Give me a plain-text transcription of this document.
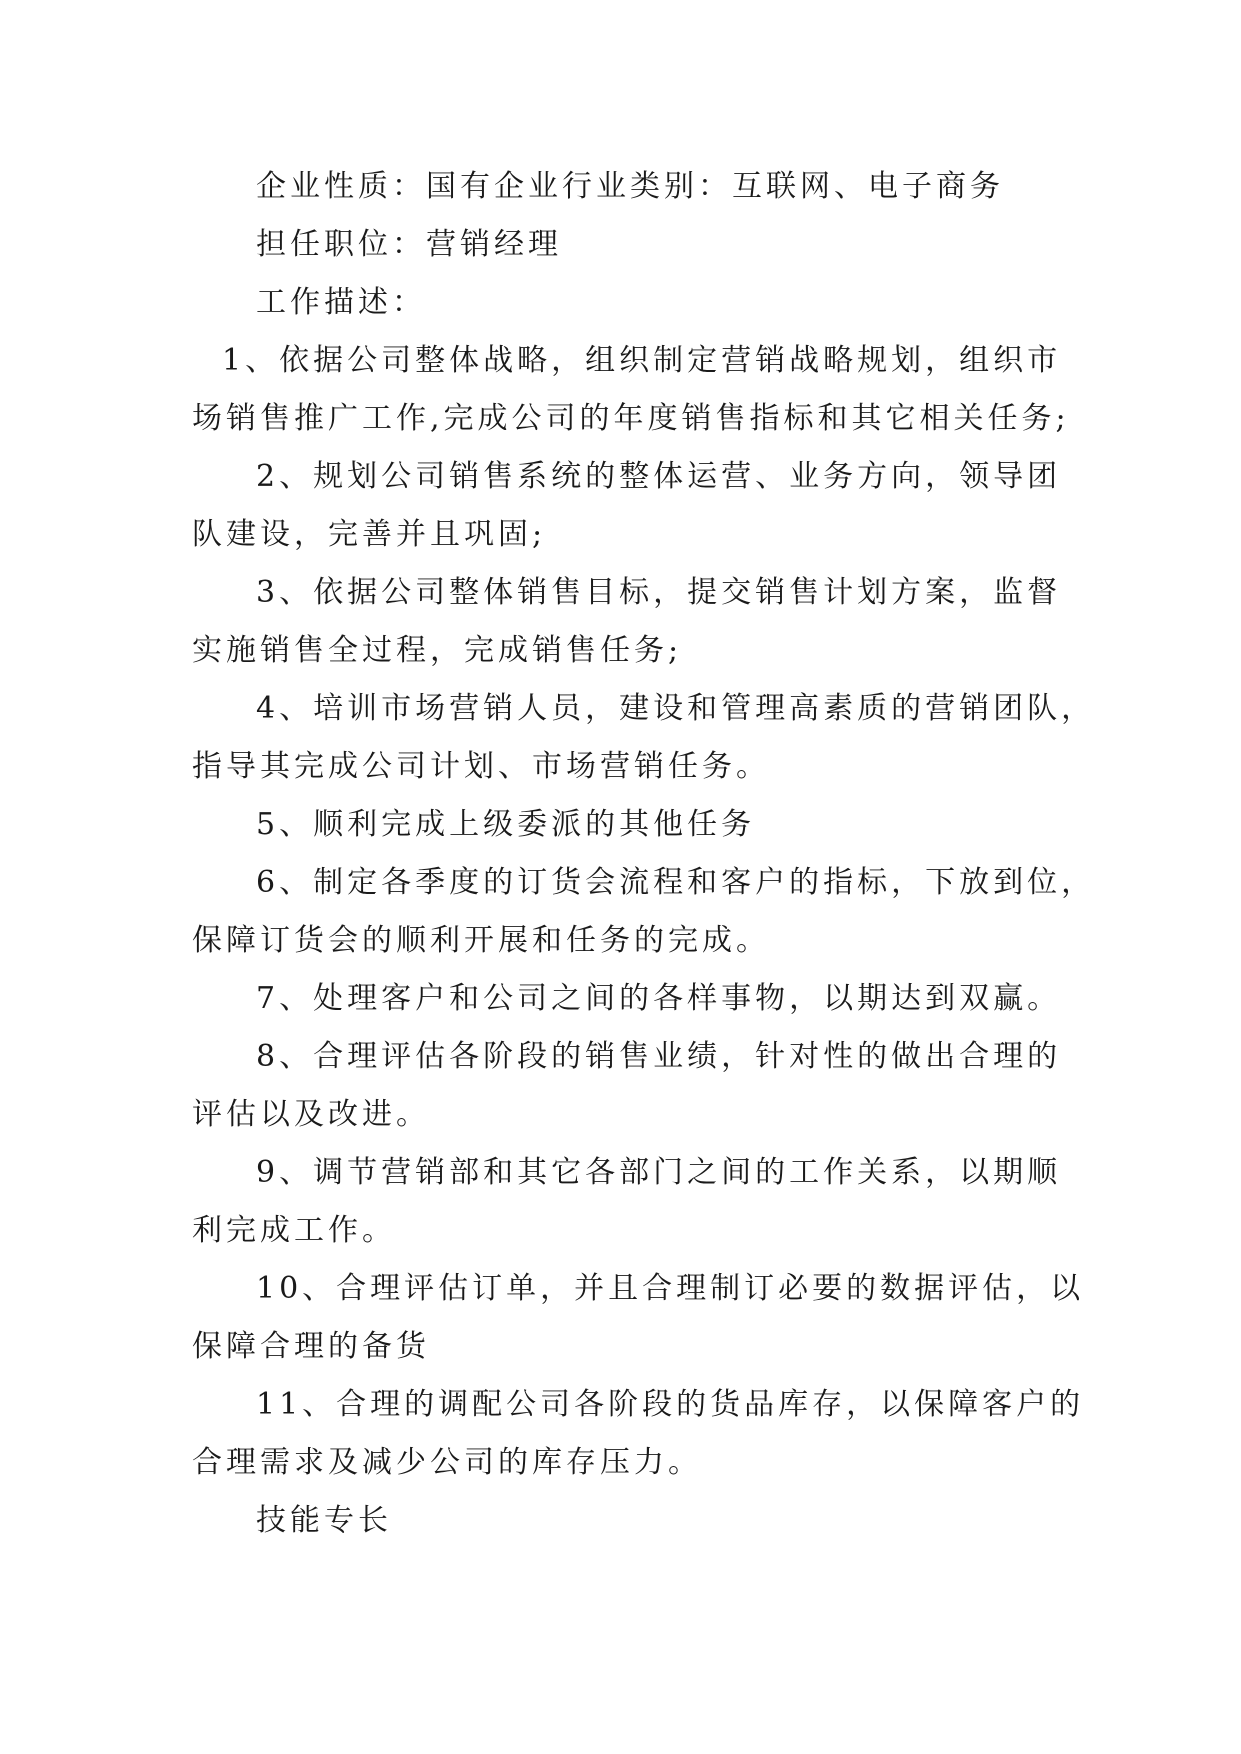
企业性质：国有企业行业类别：互联网、电子商务
担任职位：营销经理
工作描述：
1、依据公司整体战略，组织制定营销战略规划，组织市
场销售推广工作,完成公司的年度销售指标和其它相关任务;
2、规划公司销售系统的整体运营、业务方向，领导团
队建设，完善并且巩固;
3、依据公司整体销售目标，提交销售计划方案，监督
实施销售全过程，完成销售任务;
4、培训市场营销人员，建设和管理高素质的营销团队，
指导其完成公司计划、市场营销任务。
5、顺利完成上级委派的其他任务
6、制定各季度的订货会流程和客户的指标，下放到位，
保障订货会的顺利开展和任务的完成。
7、处理客户和公司之间的各样事物，以期达到双赢。
8、合理评估各阶段的销售业绩，针对性的做出合理的
评估以及改进。
9、调节营销部和其它各部门之间的工作关系，以期顺
利完成工作。
10、合理评估订单，并且合理制订必要的数据评估，以
保障合理的备货
11、合理的调配公司各阶段的货品库存，以保障客户的
合理需求及减少公司的库存压力。
技能专长
